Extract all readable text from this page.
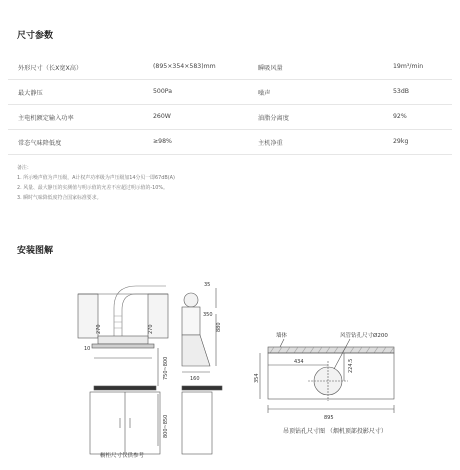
尺寸参数
外形尺寸（长X宽X高）	(895×354×583)mm	瞬吸风量	19m³/min
最大静压	500Pa	噪声	53dB
主电机额定输入功率	260W	油脂分离度	92%
常态气味降低度	≥98%	主机净重	29kg
备注：
1. 所示噪声值为声压级，A计权声功率级为声压级加14分贝一即67dB(A)
2. 风量、最大静压的实测值与明示值的允差不应超过明示值的-10%。
3. 瞬时气味降低度符合国家标准要求。
安装图解
270	270
10
350
880
750~800
800~850
160
35
橱柜尺寸仅供参考
墙体	风管钻孔尺寸Ø200
434	224.5
354
895
吊顶钻孔尺寸图 （烟机顶部投影尺寸）
